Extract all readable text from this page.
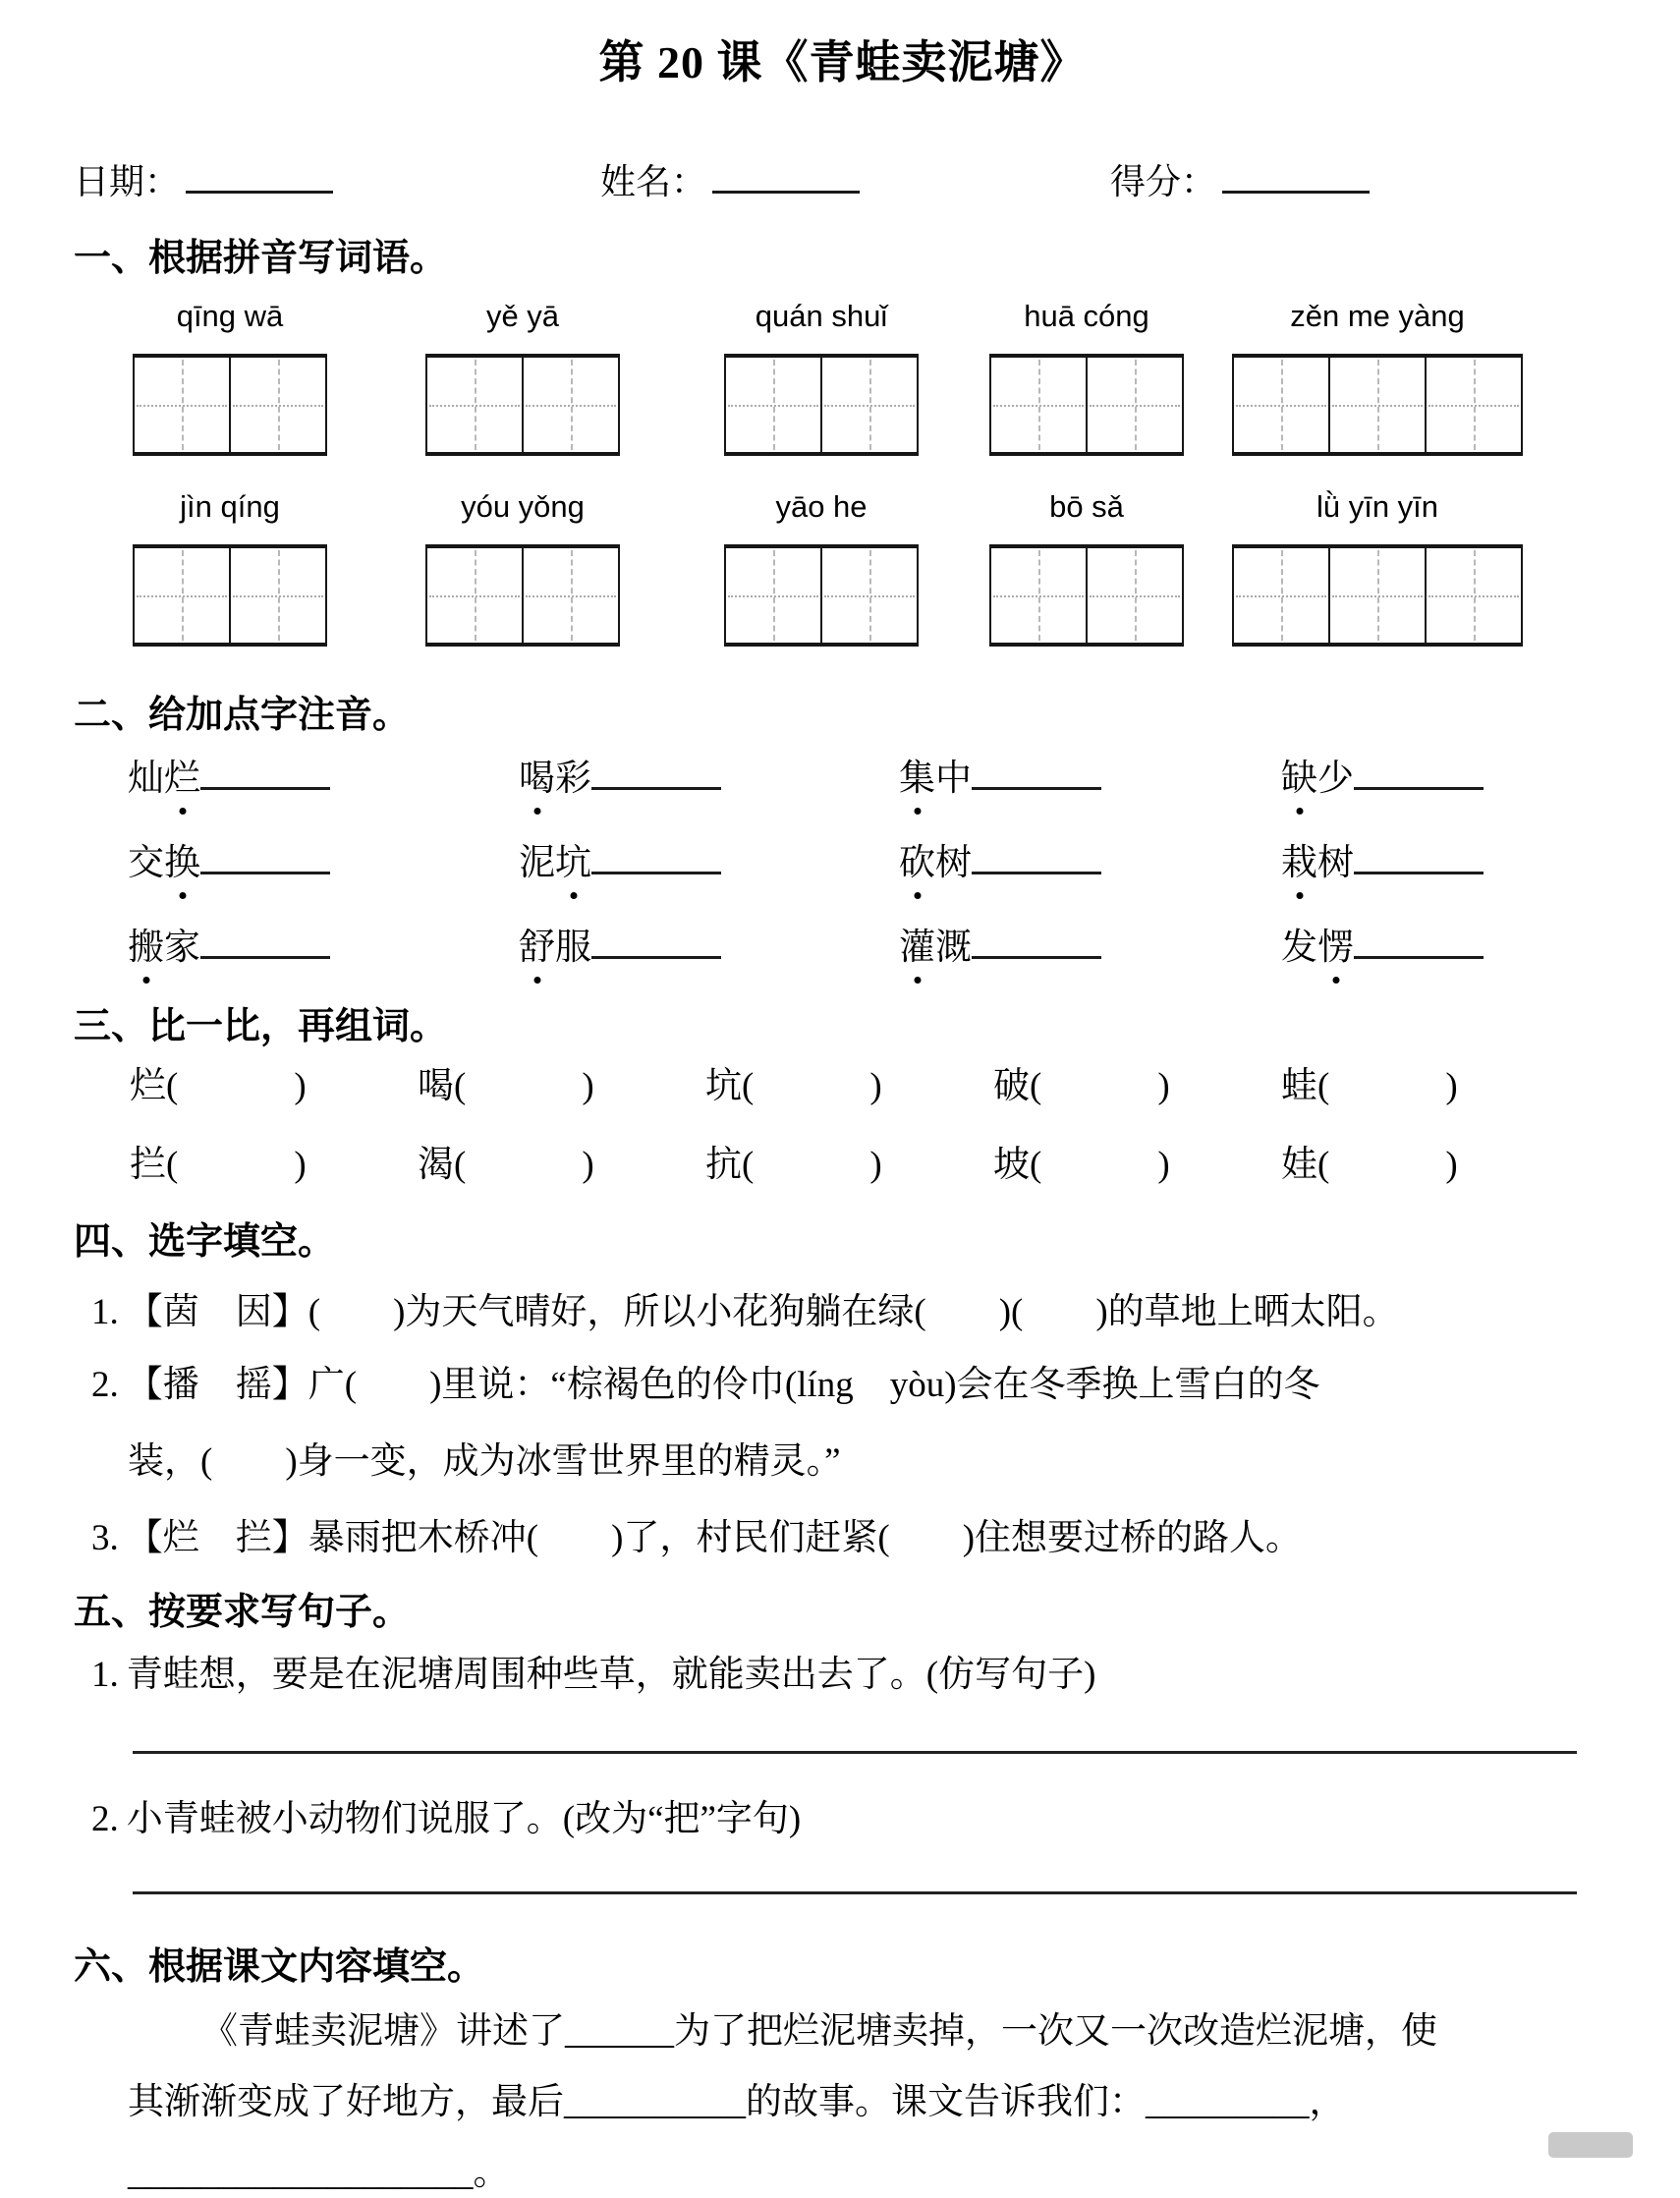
第 20 课《青蛙卖泥塘》
日期：	姓名：	得分：
一、根据拼音写词语。
qīng wā	yě yā	quán shuǐ	huā cóng	zěn me yàng
jìn qíng	yóu yǒng	yāo he	bō sǎ	lǜ yīn yīn
二、给加点字注音。
灿烂	喝彩	集中	缺少
交换	泥坑	砍树	栽树
搬家	舒服	灌溉	发愣
三、比一比，再组词。
烂(	)	喝(	)	坑(	)	破(	)	蛙(	)
拦(	)	渴(	)	抗(	)	坡(	)	娃(	)
四、选字填空。
1. 【茵　因】(　　)为天气晴好，所以小花狗躺在绿(　　)(　　)的草地上晒太阳。
2. 【播　摇】广(　　)里说：“棕褐色的伶巾(líng　yòu)会在冬季换上雪白的冬
装，(　　)身一变，成为冰雪世界里的精灵。”
3. 【烂　拦】暴雨把木桥冲(　　)了，村民们赶紧(　　)住想要过桥的路人。
五、按要求写句子。
1. 青蛙想，要是在泥塘周围种些草，就能卖出去了。(仿写句子)
2. 小青蛙被小动物们说服了。(改为“把”字句)
六、根据课文内容填空。
《青蛙卖泥塘》讲述了______为了把烂泥塘卖掉，一次又一次改造烂泥塘，使
其渐渐变成了好地方，最后__________的故事。课文告诉我们：_________，
___________________。
